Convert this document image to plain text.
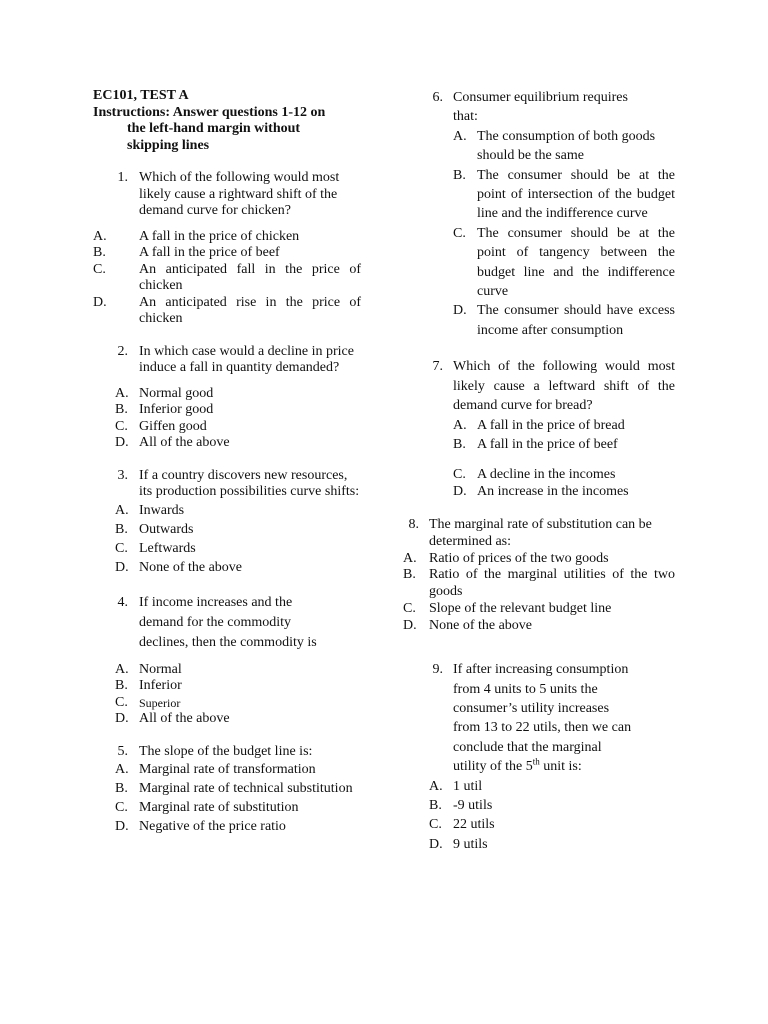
EC101, TEST A
Instructions: Answer questions 1-12 on
the left-hand margin without
skipping lines
1. Which of the following would most likely cause a rightward shift of the demand curve for chicken?
A.	A fall in the price of chicken
B.	A fall in the price of beef
C.	An anticipated fall in the price of chicken
D.	An anticipated rise in the price of chicken
2. In which case would a decline in price induce a fall in quantity demanded?
A. Normal good
B. Inferior good
C. Giffen good
D. All of the above
3. If a country discovers new resources, its production possibilities curve shifts:
A. Inwards
B. Outwards
C. Leftwards
D. None of the above
4. If income increases and the demand for the commodity declines, then the commodity is
A. Normal
B. Inferior
C. Superior
D. All of the above
5. The slope of the budget line is:
A. Marginal rate of transformation
B. Marginal rate of technical substitution
C. Marginal rate of substitution
D. Negative of the price ratio
6. Consumer equilibrium requires that:
A. The consumption of both goods should be the same
B. The consumer should be at the point of intersection of the budget line and the indifference curve
C. The consumer should be at the point of tangency between the budget line and the indifference curve
D. The consumer should have excess income after consumption
7. Which of the following would most likely cause a leftward shift of the demand curve for bread?
A. A fall in the price of bread
B. A fall in the price of beef
C. A decline in the incomes
D. An increase in the incomes
8. The marginal rate of substitution can be determined as:
A. Ratio of prices of the two goods
B. Ratio of the marginal utilities of the two goods
C. Slope of the relevant budget line
D. None of the above
9. If after increasing consumption from 4 units to 5 units the consumer’s utility increases from 13 to 22 utils, then we can conclude that the marginal utility of the 5th unit is:
A. 1 util
B. -9 utils
C. 22 utils
D. 9 utils
